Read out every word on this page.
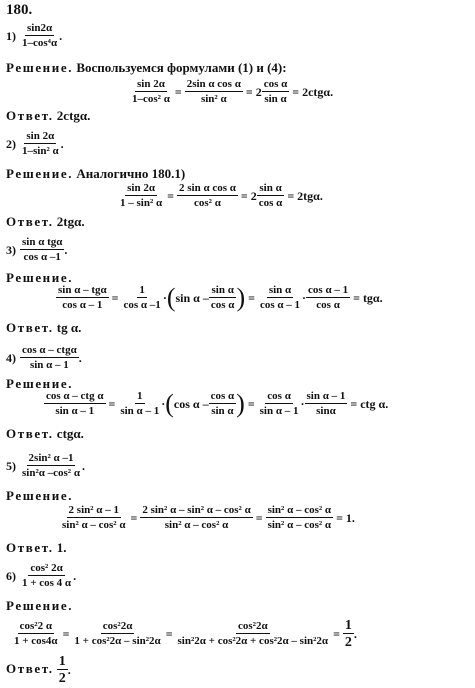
180.
$1) \frac{\sin 2\alpha}{\text{1–cos⁴α}}$ .
Решение. Воспользуемся формулами (1) и (4):
$\frac{\sin 2\alpha}{\text{1–cos² α}} = \frac{\text{2sin α cos α}}{\text{sin² α}} = 2 \frac{\text{cos α}}{\text{sin α}} = 2ctg\alpha$.
Ответ. 2ctgα.
$2) \frac{\sin 2\alpha}{\text{1–sin² α}}$ .
Решение. Аналогично 180.1)
$\frac{\sin 2\alpha}{\text{1 – sin² α}} = \frac{\text{2 sin α cos α}}{\text{cos² α}} = 2 \frac{\text{sin α}}{\text{cos α}} = 2tg\alpha$.
Ответ. 2tgα.
$3) \frac{\text{sin α tgα}}{\text{cos α –1}}$ .
Решение.
$\frac{\text{sin α – tgα}}{\text{cos α – 1}} = \frac{1}{\text{cos α –1}} \cdot(\sin$ α – $\frac{\text{sin α}}{\text{cos α}}$ ) = $\frac{\text{sin α}}{\text{cos α – 1}} \cdot \frac{\text{cos α – 1}}{\text{cos α}} = tg\alpha$.
Ответ. tg α.
$4) \frac{\text{cos α – ctgα}}{\text{sin α – 1}}$ .
Решение.
$\frac{\text{cos α – ctg α}}{\text{sin α – 1}} = \frac{1}{\text{sin α – 1}} \cdot(\cos$ α – $\frac{\text{cos α}}{\text{sin α}}$ ) = $\frac{\text{cos α}}{\text{sin α – 1}} \cdot \frac{\text{sin α – 1}}{\sin\alpha}$ = ctg α.
Ответ. ctgα.
$5) \frac{\text{2sin² α –1}}{\text{sin²α –cos² α}}$ .
Решение.
$\frac{\text{2 sin² α – 1}}{\text{sin² α – cos² α}} = \frac{\text{2 sin² α – sin² α – cos² α}}{\text{sin² α – cos² α}} = \frac{\text{sin² α – cos² α}}{\text{sin² α – cos² α}} = 1$.
Ответ. 1.
$6) \frac{\text{cos² 2α}}{1 + \cos 4 \alpha}$ .
Решение.
$\frac{\text{cos²2 α}}{1 + \cos 4\alpha} = \frac{\text{cos²2α}}{\text{1 + cos²2α – sin²2α}} = \frac{\text{cos²2α}}{\text{sin²2α + cos²2α + cos²2α – sin²2α}} = \frac{1}{2}$ .
Ответ. $\frac{1}{2}$ .
